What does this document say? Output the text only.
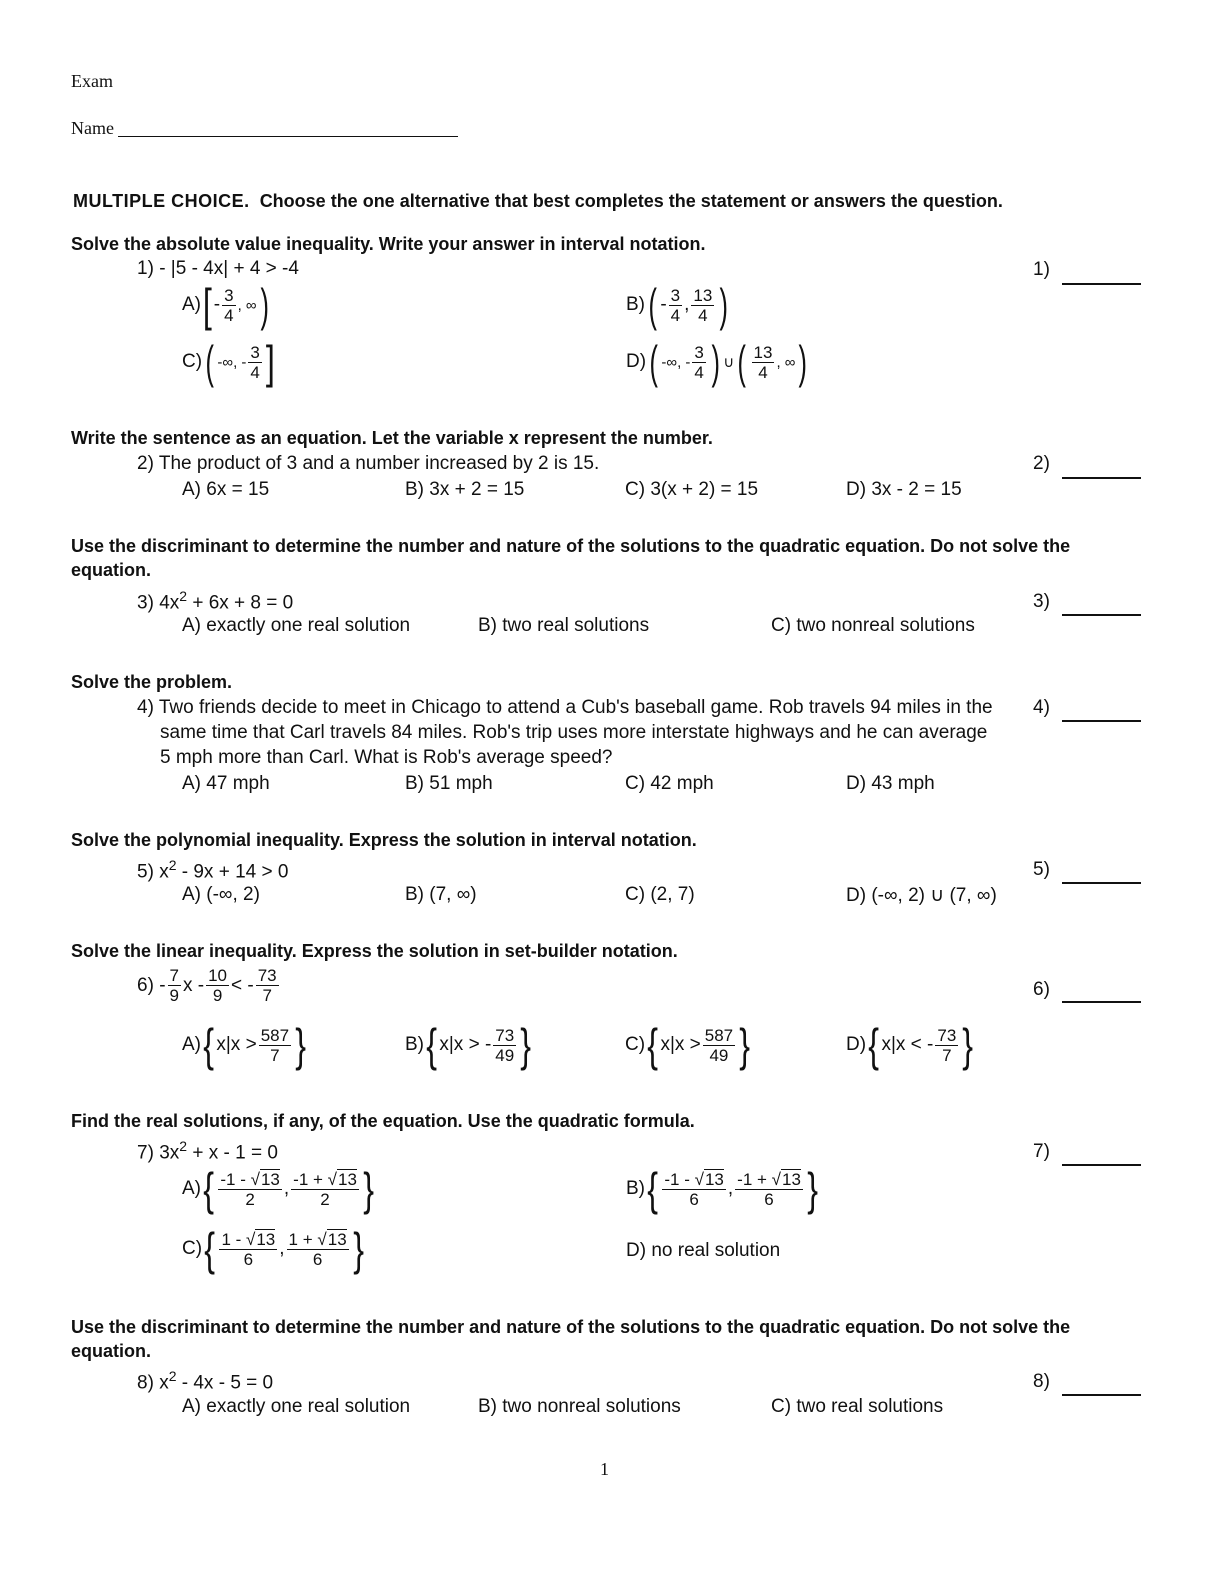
Exam
Name
MULTIPLE CHOICE. Choose the one alternative that best completes the statement or answers the question.
Solve the absolute value inequality. Write your answer in interval notation.
1) - |5 - 4x| + 4 > -4	1)
A) [ - $\frac{3}{4}$ , ∞ )	B) ( - $\frac{3}{4}$ , $\frac{13}{4}$ )
C) ( -∞, - $\frac{3}{4}$ ]	D) ( -∞, - $\frac{3}{4}$ ) ∪ ( $\frac{13}{4}$ , ∞ )
Write the sentence as an equation. Let the variable x represent the number.
2) The product of 3 and a number increased by 2 is 15.	2)
A) 6x = 15	B) 3x + 2 = 15	C) 3(x + 2) = 15	D) 3x - 2 = 15
Use the discriminant to determine the number and nature of the solutions to the quadratic equation. Do not solve the
equation.
3) $4x^2 + 6x + 8 = 0$	3)
A) exactly one real solution	B) two real solutions	C) two nonreal solutions
Solve the problem.
4) Two friends decide to meet in Chicago to attend a Cub's baseball game. Rob travels 94 miles in the
same time that Carl travels 84 miles. Rob's trip uses more interstate highways and he can average
5 mph more than Carl. What is Rob's average speed?
4)
A) 47 mph	B) 51 mph	C) 42 mph	D) 43 mph
Solve the polynomial inequality. Express the solution in interval notation.
5) $x^2 - 9x + 14 > 0$	5)
A) (-∞, 2)	B) (7, ∞)	C) (2, 7)	D) (-∞, 2) ∪ (7, ∞)
Solve the linear inequality. Express the solution in set-builder notation.
6)
- $\frac{7}{9}$ x - $\frac{10}{9}$ < - $\frac{73}{7}$	6)
A) { $x|x > \frac{587}{7}$ }	B) { x|x > - $\frac{73}{49}$ }	C) { $x|x > \frac{587}{49}$ }	D) { x|x < - $\frac{73}{7}$ }
Find the real solutions, if any, of the equation. Use the quadratic formula.
7) $3x^2 + x - 1 = 0$	7)
A) { $\frac{-1 - √13}{2}$ , $\frac{-1 + √13}{2}$ }	B) { $\frac{-1 - √13}{6}$ , $\frac{-1 + √13}{6}$ }
C) { $\frac{1 - √13}{6}$ , $\frac{1 + √13}{6}$ }	D) no real solution
Use the discriminant to determine the number and nature of the solutions to the quadratic equation. Do not solve the
equation.
8) $x^2 - 4x - 5 = 0$	8)
A) exactly one real solution	B) two nonreal solutions	C) two real solutions
1
